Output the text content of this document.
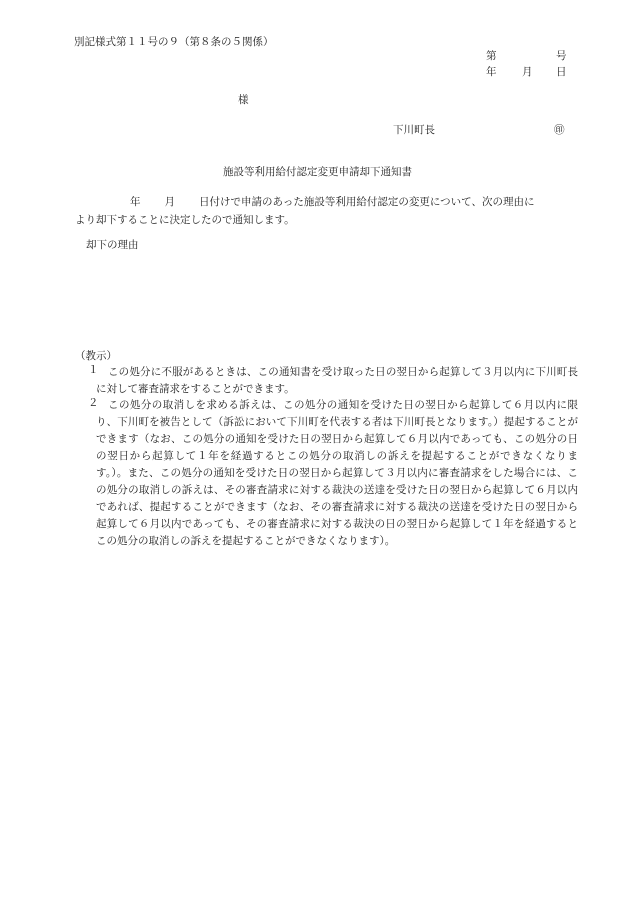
別記様式第１１号の９（第８条の５関係）
第	号
年 月 日
様
下川町長	㊞
施設等利用給付認定変更申請却下通知書
年 月 日付けで申請のあった施設等利用給付認定の変更について、次の理由に
より却下することに決定したので通知します。
却下の理由
（教示）
１ この処分に不服があるときは、この通知書を受け取った日の翌日から起算して３月以内に下川町長に対して審査請求をすることができます。
２ この処分の取消しを求める訴えは、この処分の通知を受けた日の翌日から起算して６月以内に限り、下川町を被告として（訴訟において下川町を代表する者は下川町長となります。）提起することができます（なお、この処分の通知を受けた日の翌日から起算して６月以内であっても、この処分の日の翌日から起算して１年を経過するとこの処分の取消しの訴えを提起することができなくなります。）。また、この処分の通知を受けた日の翌日から起算して３月以内に審査請求をした場合には、この処分の取消しの訴えは、その審査請求に対する裁決の送達を受けた日の翌日から起算して６月以内であれば、提起することができます（なお、その審査請求に対する裁決の送達を受けた日の翌日から起算して６月以内であっても、その審査請求に対する裁決の日の翌日から起算して１年を経過するとこの処分の取消しの訴えを提起することができなくなります）。
